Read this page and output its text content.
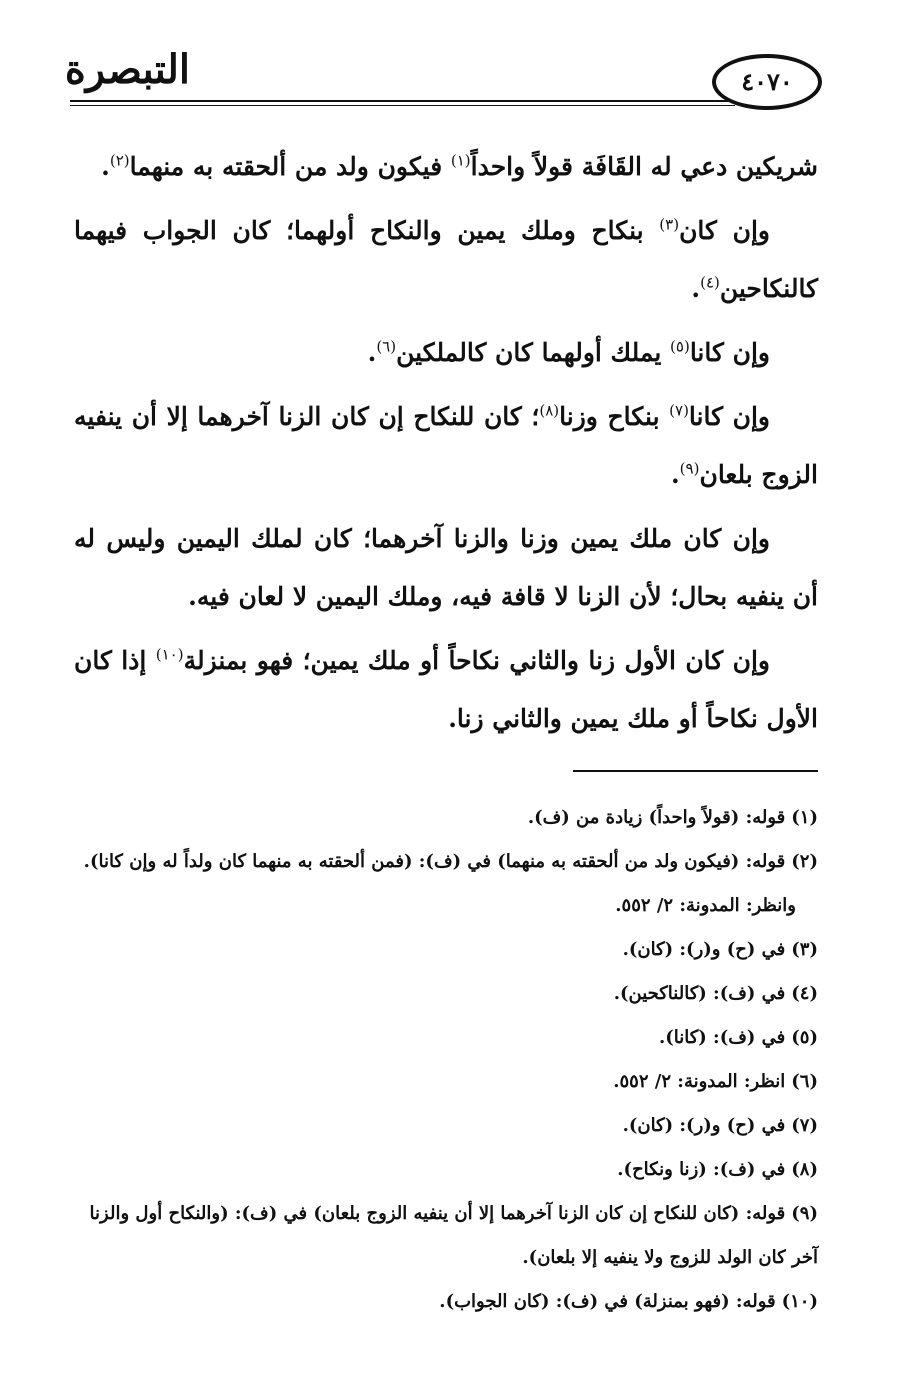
التبصرة	٤٠٧٠

شريكين دعي له القَافَة قولاً واحداً$^{(١)}$ فيكون ولد من ألحقته به منهما$^{(٢)}$.

وإن كان$^{(٣)}$ بنكاح وملك يمين والنكاح أولهما؛ كان الجواب فيهما كالنكاحين$^{(٤)}$.

وإن كانا$^{(٥)}$ يملك أولهما كان كالملكين$^{(٦)}$.

وإن كانا$^{(٧)}$ بنكاح وزنا$^{(٨)}$؛ كان للنكاح إن كان الزنا آخرهما إلا أن ينفيه الزوج بلعان$^{(٩)}$.

وإن كان ملك يمين وزنا والزنا آخرهما؛ كان لملك اليمين وليس له أن ينفيه بحال؛ لأن الزنا لا قافة فيه، وملك اليمين لا لعان فيه.

وإن كان الأول زنا والثاني نكاحاً أو ملك يمين؛ فهو بمنزلة$^{(١٠)}$ إذا كان الأول نكاحاً أو ملك يمين والثاني زنا.

(١)قوله: (قولاً واحداً) زيادة من (ف).

(٢)قوله: (فيكون ولد من ألحقته به منهما) في (ف): (فمن ألحقته به منهما كان ولداً له وإن كانا).
وانظر: المدونة: ٢/ ٥٥٢.

(٣)في (ح) و(ر): (كان).

(٤)في (ف): (كالناكحين).

(٥)في (ف): (كانا).

(٦)انظر: المدونة: ٢/ ٥٥٢.

(٧)في (ح) و(ر): (كان).

(٨)في (ف): (زنا ونكاح).

(٩)قوله: (كان للنكاح إن كان الزنا آخرهما إلا أن ينفيه الزوج بلعان) في (ف): (والنكاح أول والزنا آخر كان الولد للزوج ولا ينفيه إلا بلعان).

(١٠)قوله: (فهو بمنزلة) في (ف): (كان الجواب).
